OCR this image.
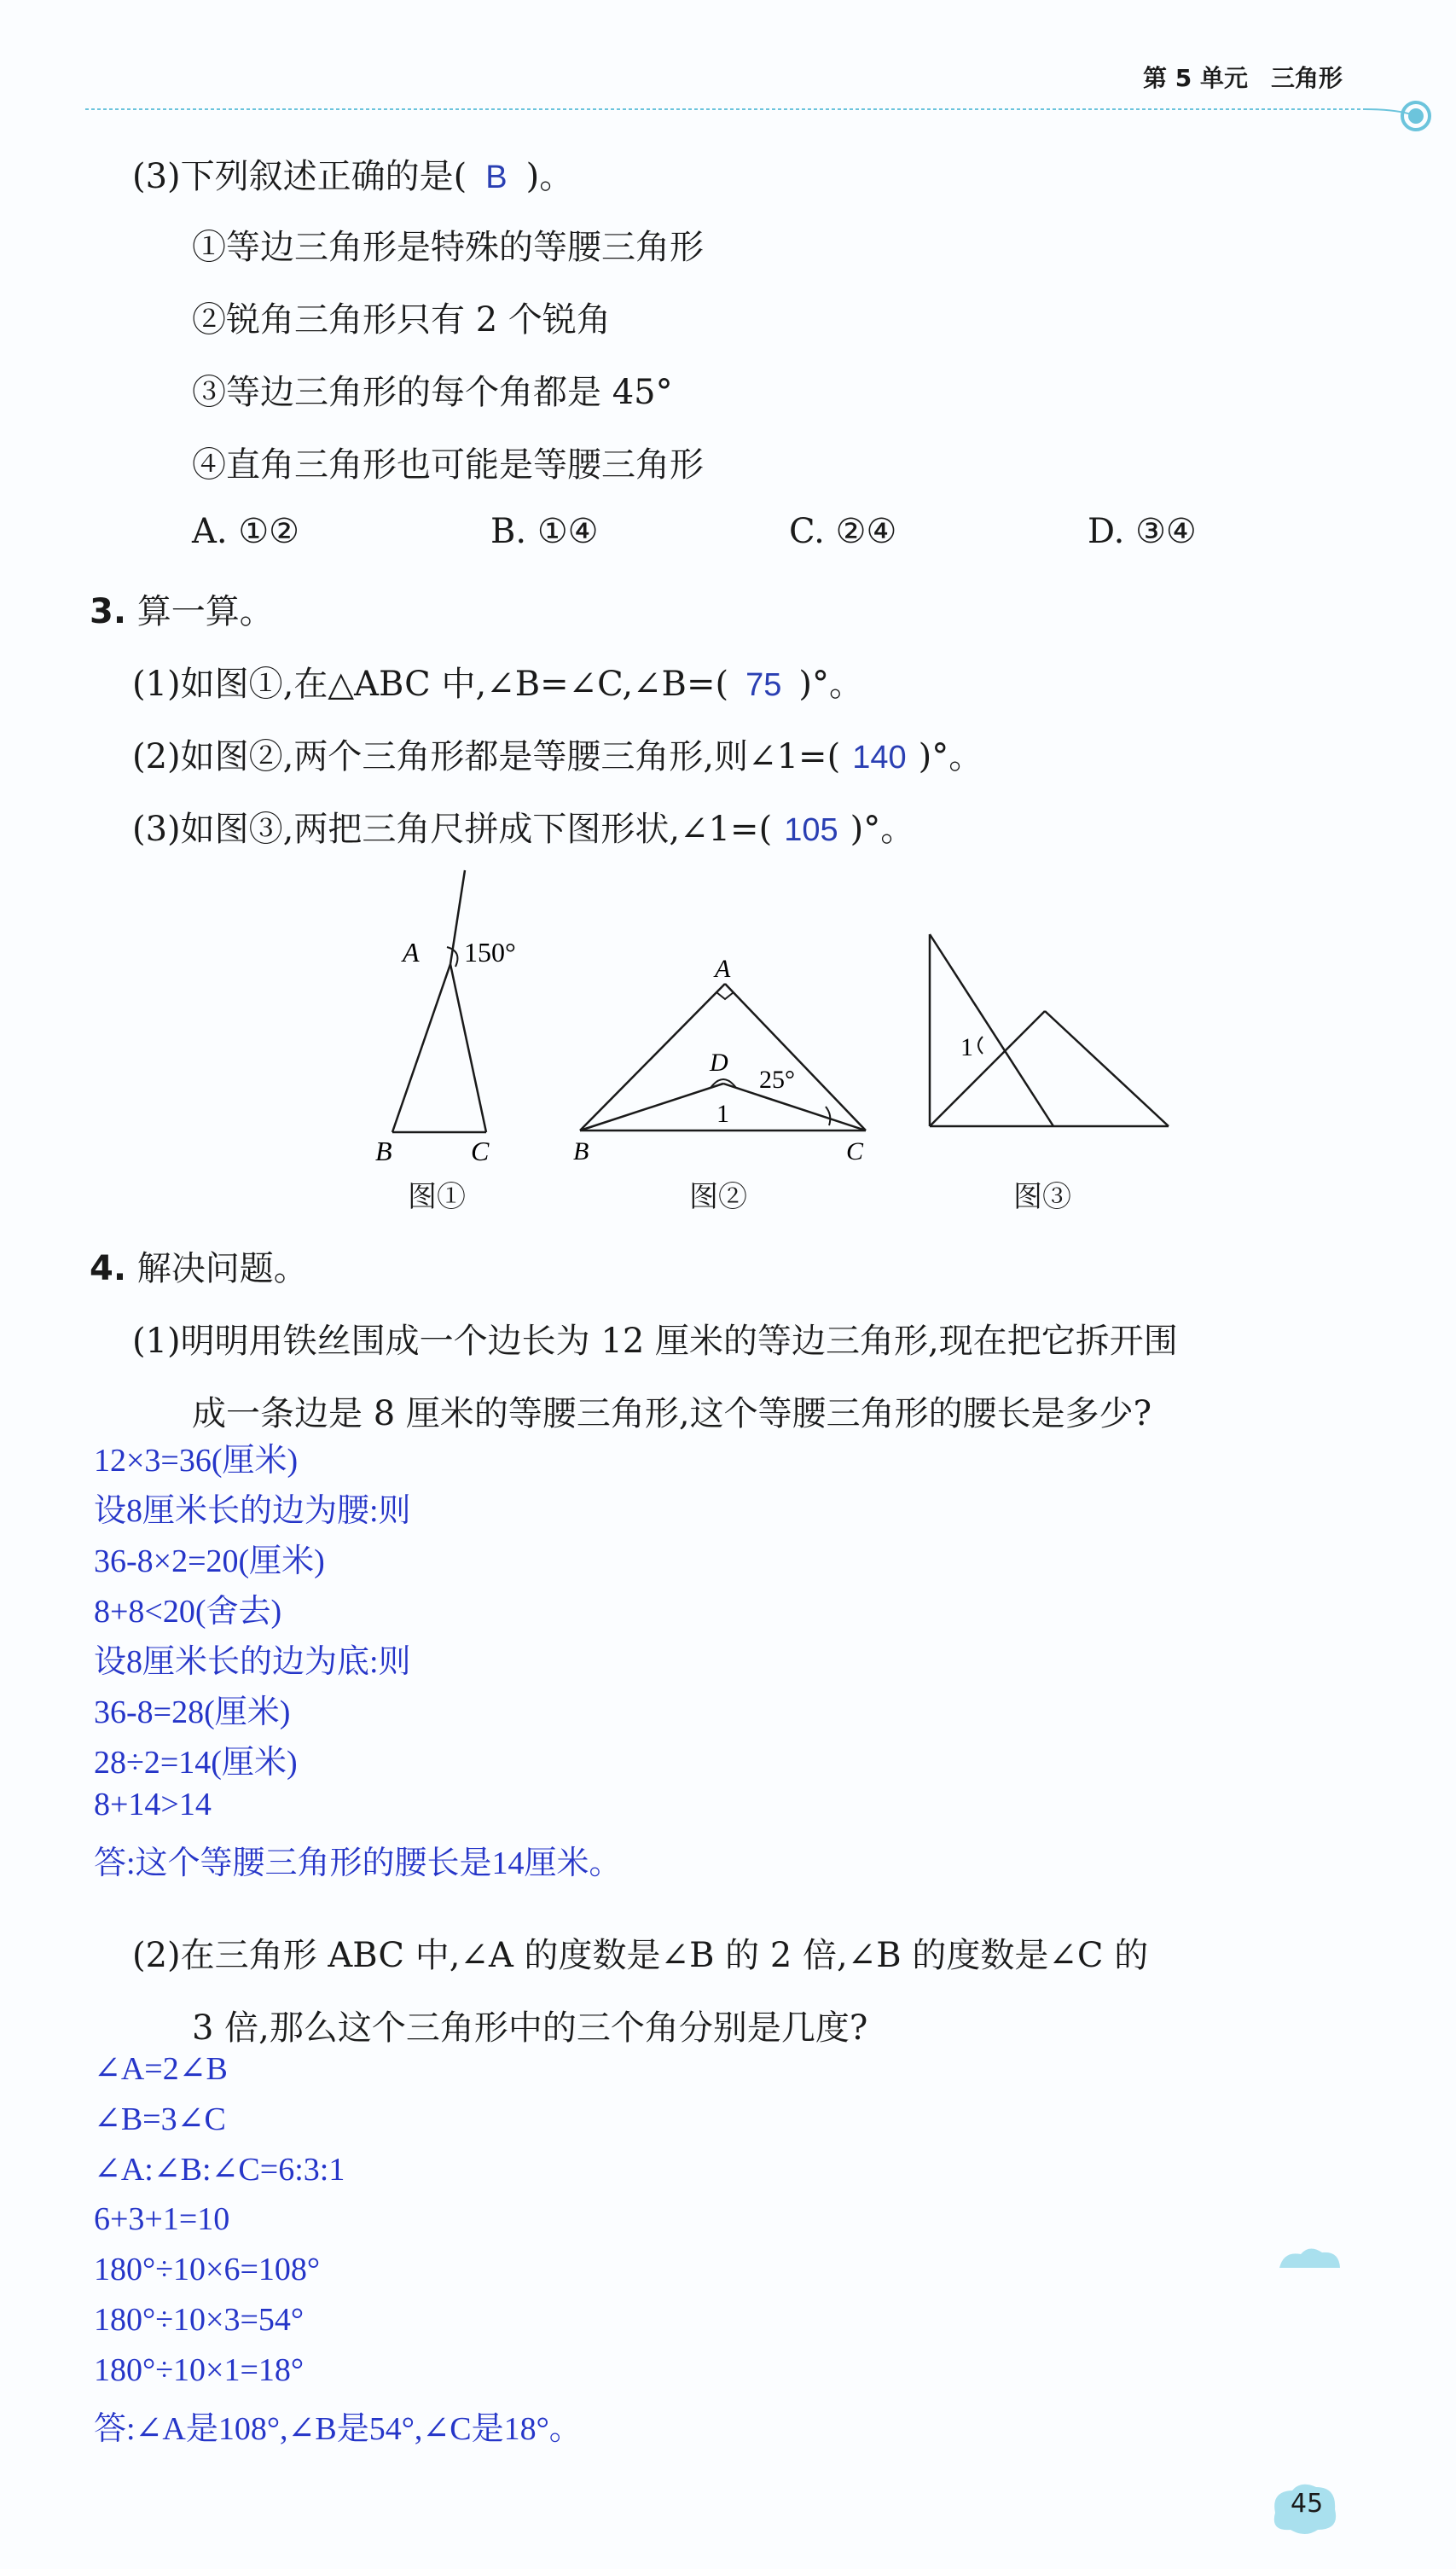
第 5 单元 三角形
(3)下列叙述正确的是( B )。
①等边三角形是特殊的等腰三角形
②锐角三角形只有 2 个锐角
③等边三角形的每个角都是 45°
④直角三角形也可能是等腰三角形
A. ①②	B. ①④	C. ②④	D. ③④
3. 算一算。
(1)如图①,在△ABC 中,∠B=∠C,∠B=( 75 )°。
(2)如图②,两个三角形都是等腰三角形,则∠1=( 140 )°。
(3)如图③,两把三角尺拼成下图形状,∠1=( 105 )°。
A 150°
B	C
图①
A
D
25°
1
B	C
图②
1
图③
4. 解决问题。
(1)明明用铁丝围成一个边长为 12 厘米的等边三角形,现在把它拆开围
成一条边是 8 厘米的等腰三角形,这个等腰三角形的腰长是多少?
12×3=36(厘米)
设8厘米长的边为腰:则
36-8×2=20(厘米)
8+8<20(舍去)
设8厘米长的边为底:则
36-8=28(厘米)
28÷2=14(厘米)
8+14>14
答:这个等腰三角形的腰长是14厘米。
(2)在三角形 ABC 中,∠A 的度数是∠B 的 2 倍,∠B 的度数是∠C 的
3 倍,那么这个三角形中的三个角分别是几度?
∠A=2∠B
∠B=3∠C
∠A:∠B:∠C=6:3:1
6+3+1=10
180°÷10×6=108°
180°÷10×3=54°
180°÷10×1=18°
答:∠A是108°,∠B是54°,∠C是18°。
45
